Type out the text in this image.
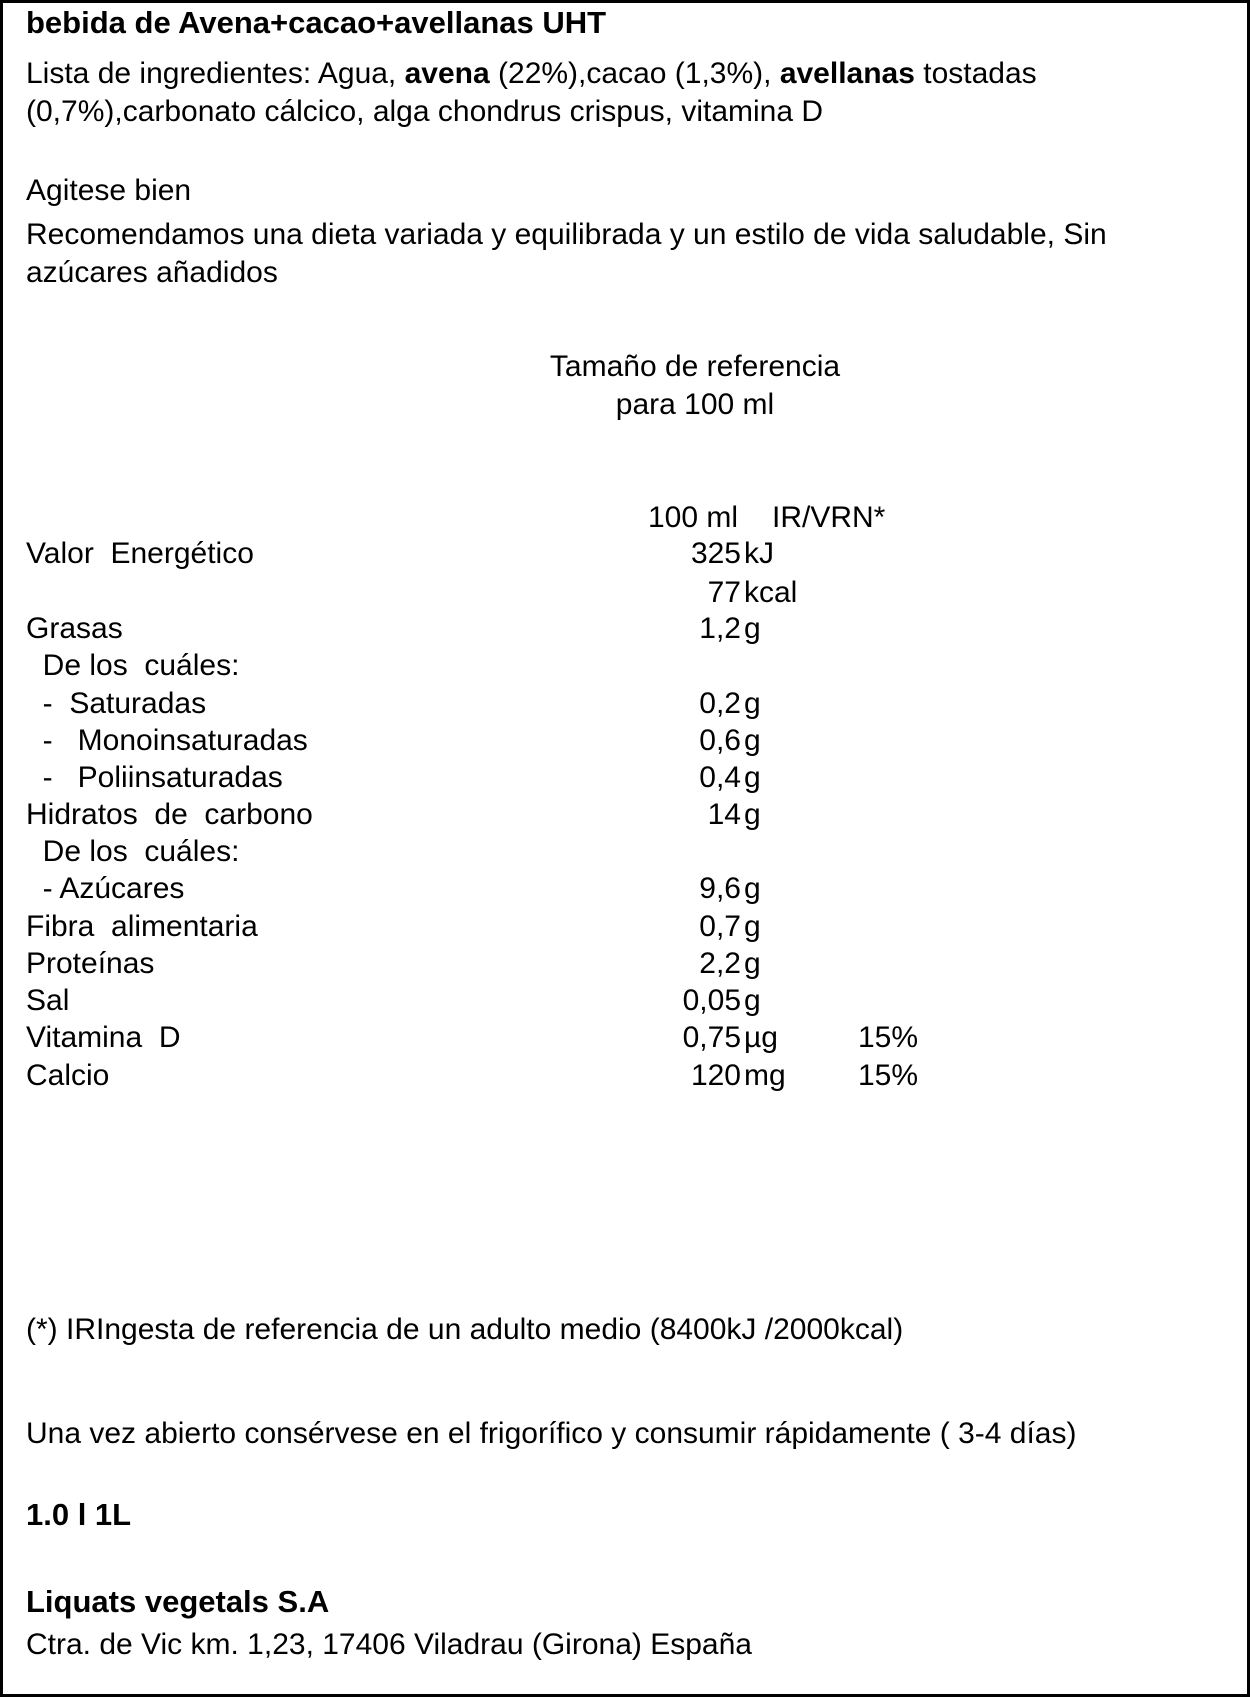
bebida de Avena+cacao+avellanas UHT
Lista de ingredientes: Agua, avena (22%),cacao (1,3%), avellanas tostadas
(0,7%),carbonato cálcico, alga chondrus crispus, vitamina D
Agitese bien
Recomendamos una dieta variada y equilibrada y un estilo de vida saludable, Sin
azúcares añadidos
Tamaño de referencia
para 100 ml
100 ml IR/VRN*
Valor  Energético	325 kJ
77 kcal
Grasas	1,2 g
De los  cuáles:
-  Saturadas	0,2 g
-   Monoinsaturadas	0,6 g
-   Poliinsaturadas	0,4 g
Hidratos  de  carbono	14 g
De los  cuáles:
- Azúcares	9,6 g
Fibra  alimentaria	0,7 g
Proteínas	2,2 g
Sal	0,05 g
Vitamina  D	0,75 µg	15%
Calcio	120 mg 15%
(*) IRIngesta de referencia de un adulto medio (8400kJ /2000kcal)
Una vez abierto consérvese en el frigorífico y consumir rápidamente ( 3-4 días)
1.0 l 1L
Liquats vegetals S.A
Ctra. de Vic km. 1,23, 17406 Viladrau (Girona) España
